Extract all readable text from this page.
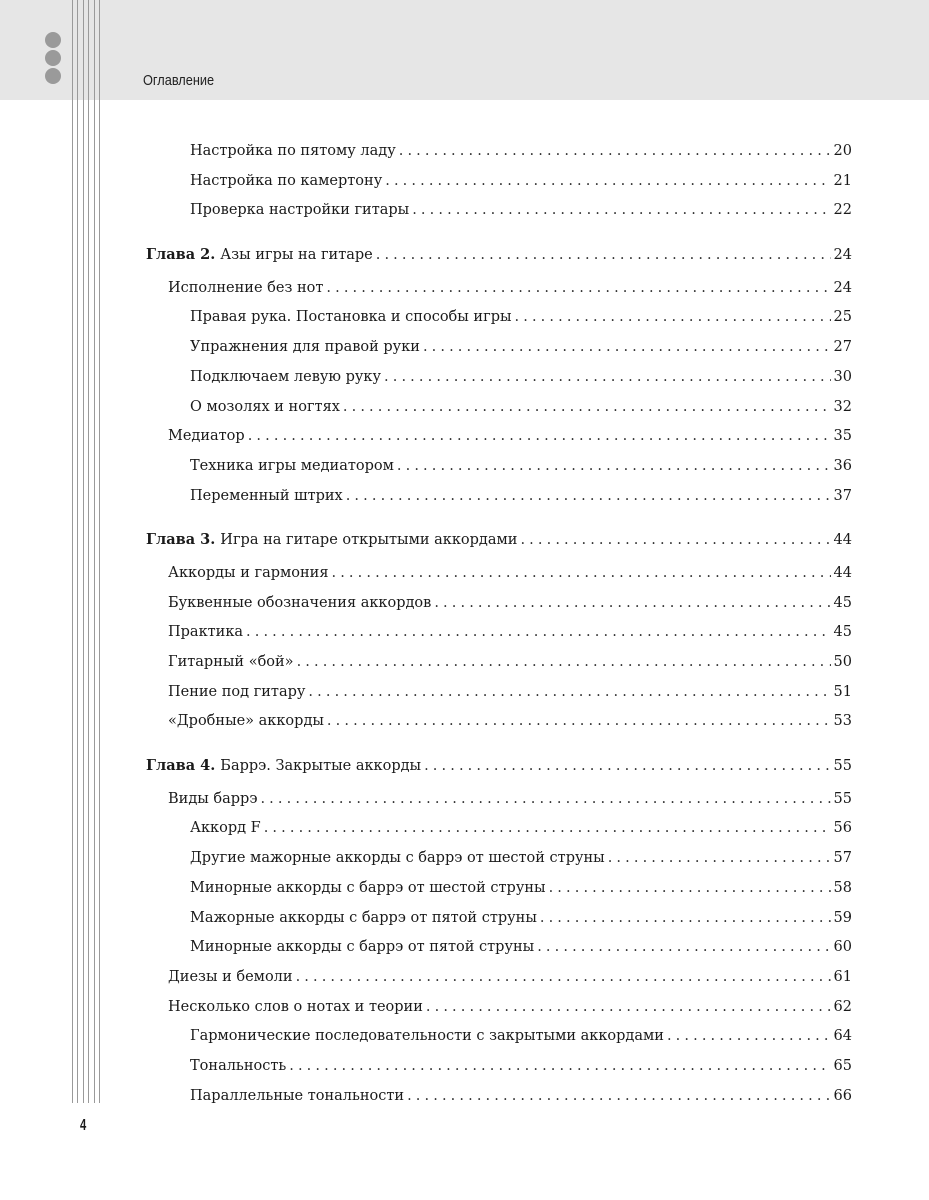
Оглавление
Настройка по пятому ладу . . .	20
Настройка по камертону . . .	21
Проверка настройки гитары . . .	22
Глава 2. Азы игры на гитаре . . .	24
Исполнение без нот . . .	24
Правая рука. Постановка и способы игры . . .	25
Упражнения для правой руки . . .	27
Подключаем левую руку . . .	30
О мозолях и ногтях . . .	32
Медиатор . . .	35
Техника игры медиатором . . .	36
Переменный штрих . . .	37
Глава 3. Игра на гитаре открытыми аккордами . . .	44
Аккорды и гармония . . .	44
Буквенные обозначения аккордов . . .	45
Практика . . .	45
Гитарный «бой» . . .	50
Пение под гитару . . .	51
«Дробные» аккорды . . .	53
Глава 4. Баррэ. Закрытые аккорды . . .	55
Виды баррэ . . .	55
Аккорд F . . .	56
Другие мажорные аккорды с баррэ от шестой струны . . .	57
Минорные аккорды с баррэ от шестой струны . . .	58
Мажорные аккорды с баррэ от пятой струны . . .	59
Минорные аккорды с баррэ от пятой струны . . .	60
Диезы и бемоли . . .	61
Несколько слов о нотах и теории . . .	62
Гармонические последовательности с закрытыми аккордами . . .	64
Тональность . . .	65
Параллельные тональности . . .	66
4
